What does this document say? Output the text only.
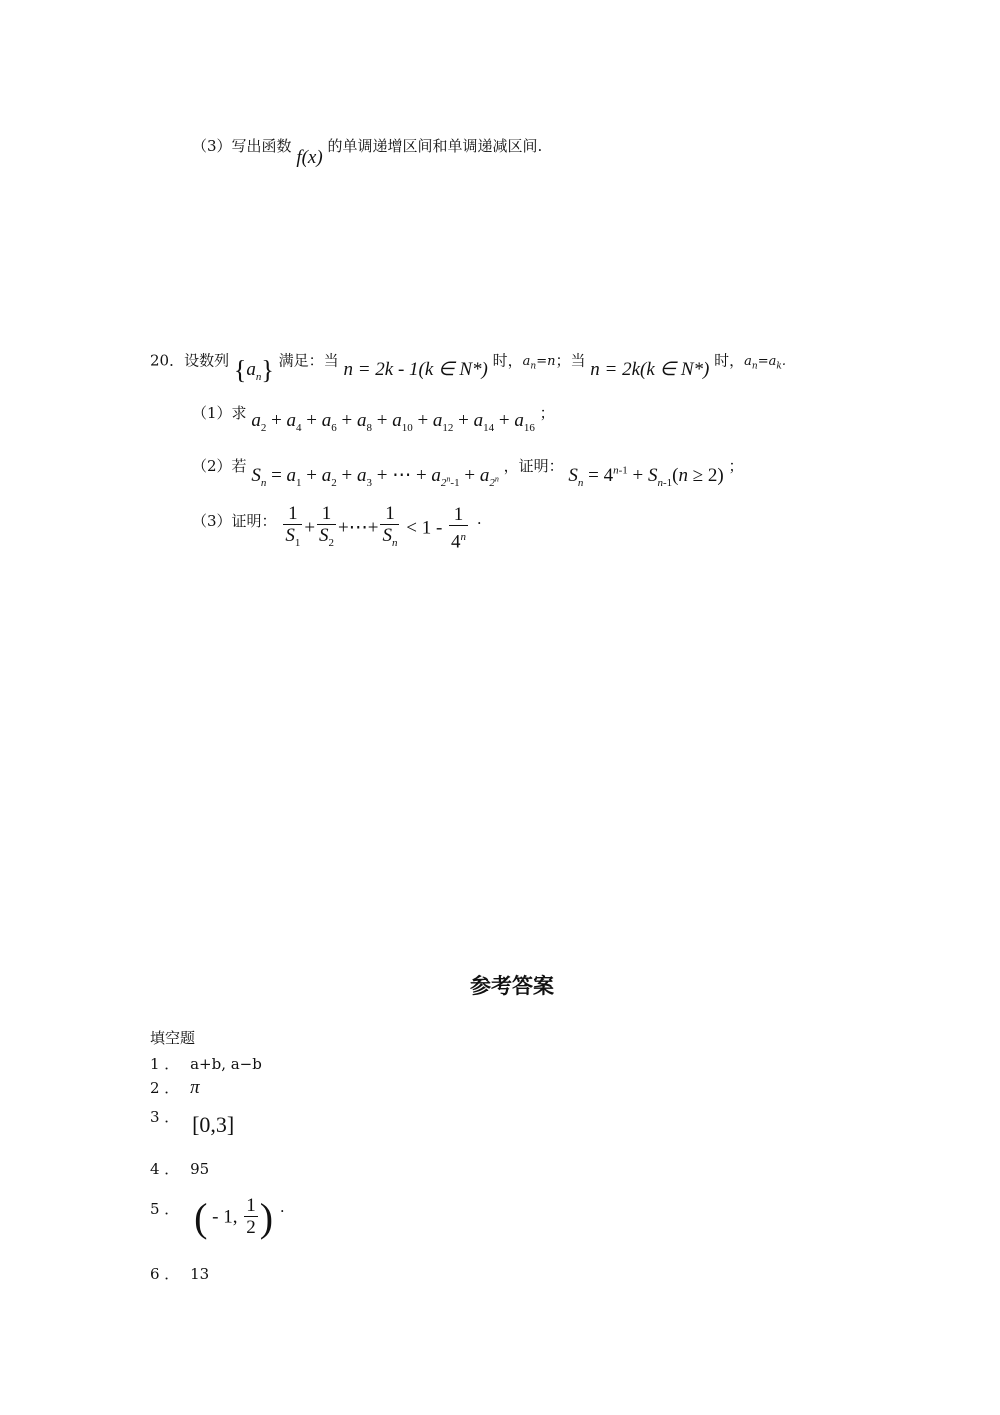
（3）写出函数 f(x) 的单调递增区间和单调递减区间.
20．设数列 $\{a_n\}$ 满足：当 n = 2k - 1(k ∈ N*) 时，$a_n=n$；当 n = 2k(k ∈ N*) 时，$a_n=a_k$.
（1）求 $a_2 + a_4 + a_6 + a_8 + a_{10} + a_{12} + a_{14} + a_{16}$ ；
（2）若 $S_n = a_1 + a_2 + a_3$ + ⋯ + $a_{2^n-1} + a_{2^n}$ ，证明： $S_n = 4^{n-1} + S_{n-1}(n \ge 2)$ ；
（3）证明： $\frac{1}{S_1} + \frac{1}{S_2}$ +⋯+ $\frac{1}{S_n} < 1 - \frac{1}{4^n}$ .
参考答案
填空题
1 ． a+b, a−b
2 ． π
3 ． [0,3]
4 ． 95
5 ． ( - 1, $\frac{1}{2}$ ) .
6 ． 13
